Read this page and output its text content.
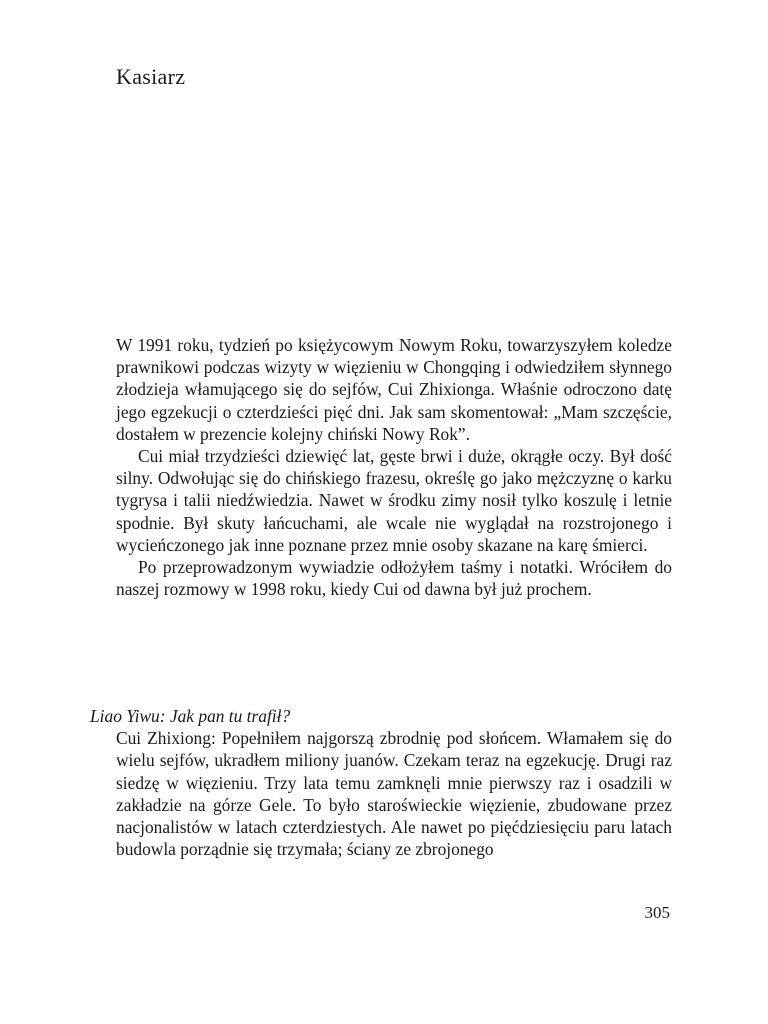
Kasiarz

W 1991 roku, tydzień po księżycowym Nowym Roku, towarzyszyłem koledze prawnikowi podczas wizyty w więzieniu w Chongqing i odwiedziłem słynnego złodzieja włamującego się do sejfów, Cui Zhixionga. Właśnie odroczono datę jego egzekucji o czterdzieści pięć dni. Jak sam skomentował: „Mam szczęście, dostałem w prezencie kolejny chiński Nowy Rok”.

Cui miał trzydzieści dziewięć lat, gęste brwi i duże, okrągłe oczy. Był dość silny. Odwołując się do chińskiego frazesu, określę go jako mężczyznę o karku tygrysa i talii niedźwiedzia. Nawet w środku zimy nosił tylko koszulę i letnie spodnie. Był skuty łańcuchami, ale wcale nie wyglądał na rozstrojonego i wycieńczonego jak inne poznane przez mnie osoby skazane na karę śmierci.

Po przeprowadzonym wywiadzie odłożyłem taśmy i notatki. Wróciłem do naszej rozmowy w 1998 roku, kiedy Cui od dawna był już prochem.

Liao Yiwu: Jak pan tu trafił?

Cui Zhixiong: Popełniłem najgorszą zbrodnię pod słońcem. Włamałem się do wielu sejfów, ukradłem miliony juanów. Czekam teraz na egzekucję. Drugi raz siedzę w więzieniu. Trzy lata temu zamknęli mnie pierwszy raz i osadzili w zakładzie na górze Gele. To było staroświeckie więzienie, zbudowane przez nacjonalistów w latach czterdziestych. Ale nawet po pięćdziesięciu paru latach budowla porządnie się trzymała; ściany ze zbrojonego

305
